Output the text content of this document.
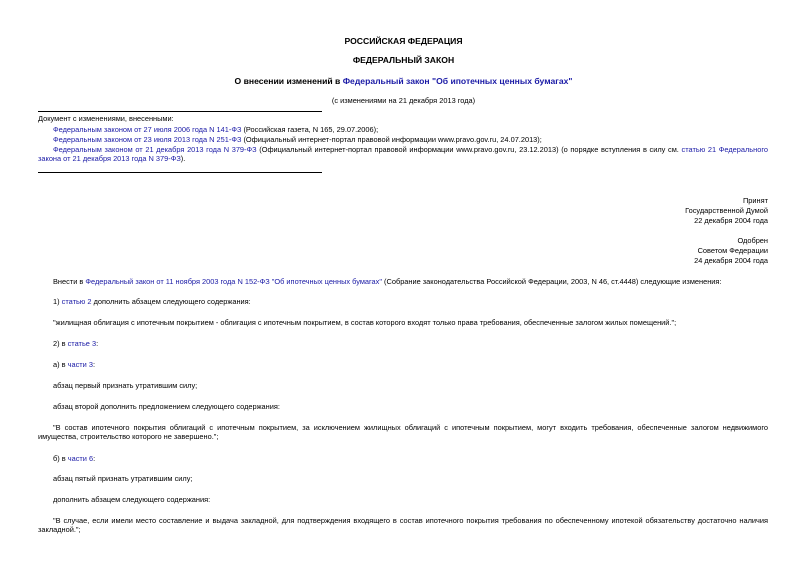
РОССИЙСКАЯ ФЕДЕРАЦИЯ
ФЕДЕРАЛЬНЫЙ ЗАКОН
О внесении изменений в Федеральный закон "Об ипотечных ценных бумагах"
(с изменениями на 21 декабря 2013 года)
Документ с изменениями, внесенными:
Федеральным законом от 27 июля 2006 года N 141-ФЗ (Российская газета, N 165, 29.07.2006);
Федеральным законом от 23 июля 2013 года N 251-ФЗ (Официальный интернет-портал правовой информации www.pravo.gov.ru, 24.07.2013);
Федеральным законом от 21 декабря 2013 года N 379-ФЗ (Официальный интернет-портал правовой информации www.pravo.gov.ru, 23.12.2013) (о порядке вступления в силу см. статью 21 Федерального закона от 21 декабря 2013 года N 379-ФЗ).
Принят
Государственной Думой
22 декабря 2004 года
Одобрен
Советом Федерации
24 декабря 2004 года
Внести в Федеральный закон от 11 ноября 2003 года N 152-ФЗ "Об ипотечных ценных бумагах" (Собрание законодательства Российской Федерации, 2003, N 46, ст.4448) следующие изменения:
1) статью 2 дополнить абзацем следующего содержания:
"жилищная облигация с ипотечным покрытием - облигация с ипотечным покрытием, в состав которого входят только права требования, обеспеченные залогом жилых помещений.";
2) в статье 3:
а) в части 3:
абзац первый признать утратившим силу;
абзац второй дополнить предложением следующего содержания:
"В состав ипотечного покрытия облигаций с ипотечным покрытием, за исключением жилищных облигаций с ипотечным покрытием, могут входить требования, обеспеченные залогом недвижимого имущества, строительство которого не завершено.";
б) в части 6:
абзац пятый признать утратившим силу;
дополнить абзацем следующего содержания:
"В случае, если имели место составление и выдача закладной, для подтверждения входящего в состав ипотечного покрытия требования по обеспеченному ипотекой обязательству достаточно наличия закладной.";
